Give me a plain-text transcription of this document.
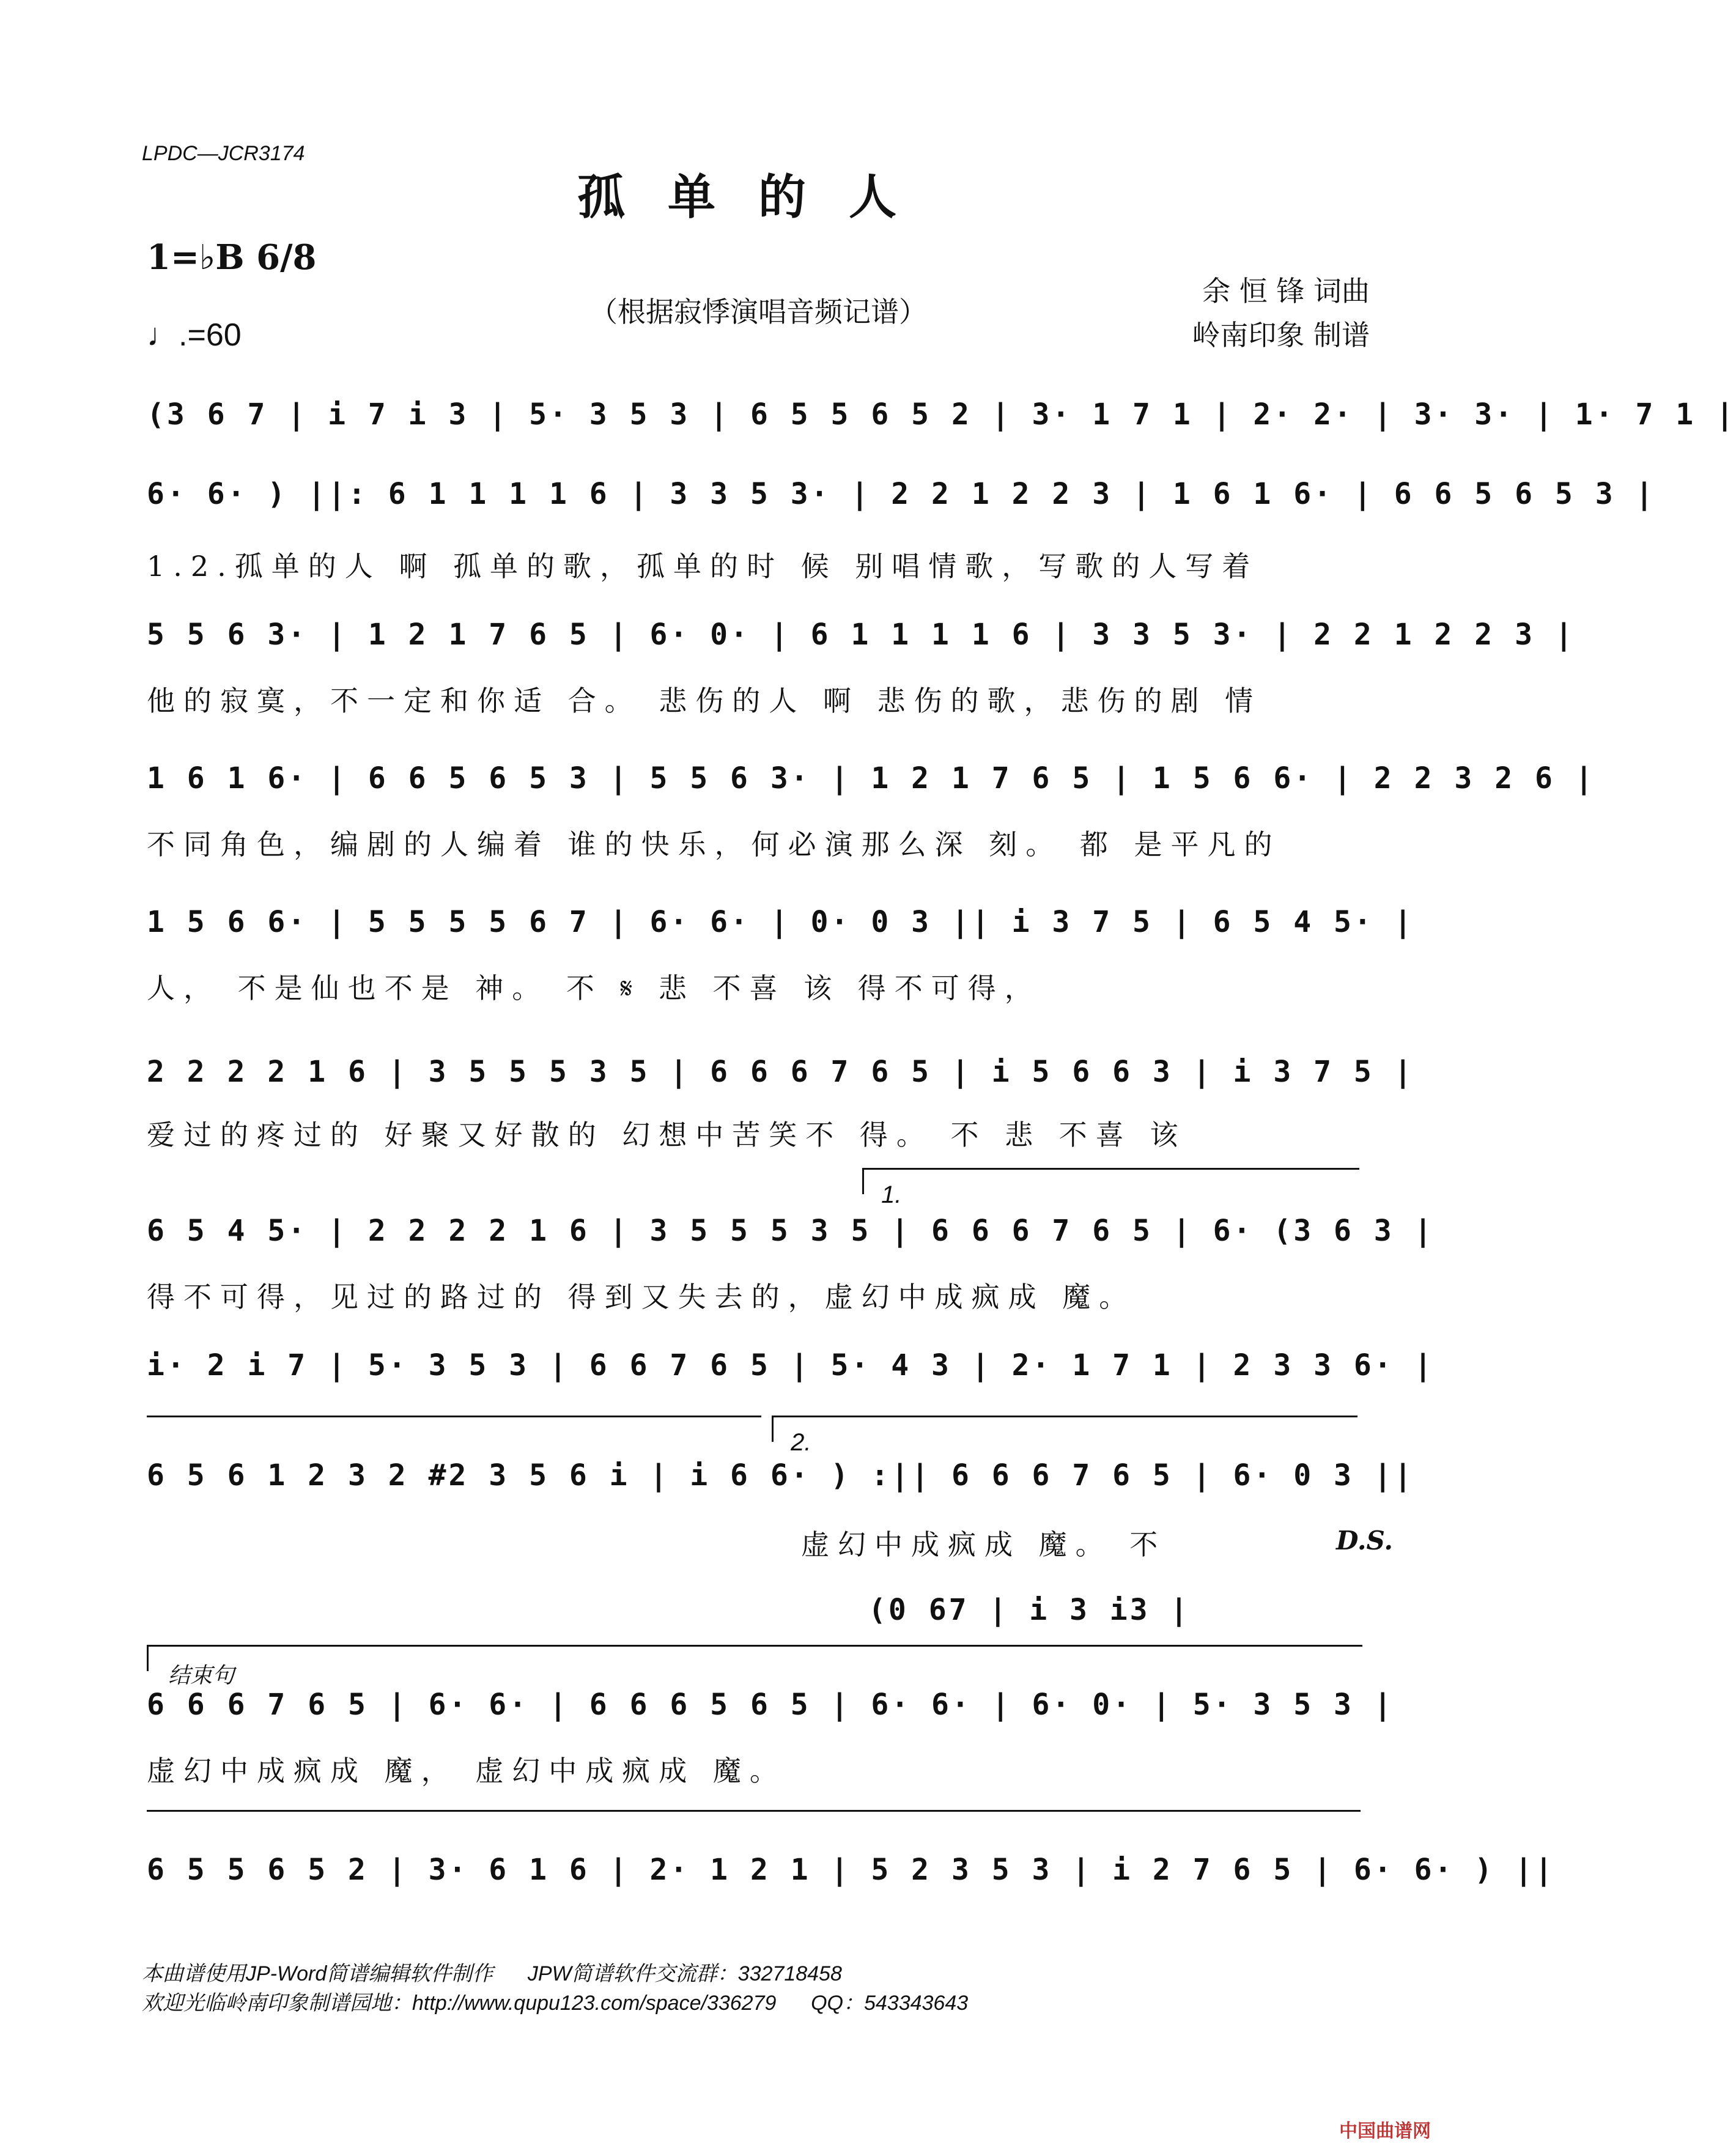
LPDC—JCR3174
孤单的人
1=♭B 6/8
♩.=60
（根据寂悸演唱音频记谱）
余 恒 锋 词曲
岭南印象 制谱
(3 6 7 | i 7 i 3 | 5· 3 5 3 | 6 5 5 6 5 2 | 3· 1 7 1 | 2· 2· | 3· 3· | 1· 7 1 |
6· 6· ) ||: 6 1 1 1 1 6 | 3 3 5 3· | 2 2 1 2 2 3 | 1 6 1 6· | 6 6 5 6 5 3 |
1.2.孤单的人 啊 孤单的歌，孤单的时 候 别唱情歌，写歌的人写着
5 5 6 3· | 1 2 1 7 6 5 | 6· 0· | 6 1 1 1 1 6 | 3 3 5 3· | 2 2 1 2 2 3 |
他的寂寞，不一定和你适 合。 悲伤的人 啊 悲伤的歌，悲伤的剧 情
1 6 1 6· | 6 6 5 6 5 3 | 5 5 6 3· | 1 2 1 7 6 5 | 1 5 6 6· | 2 2 3 2 6 |
不同角色，编剧的人编着 谁的快乐，何必演那么深 刻。 都 是平凡的
1 5 6 6· | 5 5 5 5 6 7 | 6· 6· | 0· 0 3 || i 3 7 5 | 6 5 4 5· |
人， 不是仙也不是 神。 不 𝄋 悲 不喜 该 得不可得，
2 2 2 2 1 6 | 3 5 5 5 3 5 | 6 6 6 7 6 5 | i 5 6 6 3 | i 3 7 5 |
爱过的疼过的 好聚又好散的 幻想中苦笑不 得。 不 悲 不喜 该

1.

6 5 4 5· | 2 2 2 2 1 6 | 3 5 5 5 3 5 | 6 6 6 7 6 5 | 6· (3 6 3 |
得不可得，见过的路过的 得到又失去的，虚幻中成疯成 魔。
i· 2 i 7 | 5· 3 5 3 | 6 6 7 6 5 | 5· 4 3 | 2· 1 7 1 | 2 3 3 6· |

2.

6 5 6 1 2 3 2 #2 3 5 6 i | i 6 6· ) :|| 6 6 6 7 6 5 | 6· 0 3 ||
虚幻中成疯成 魔。 不	D.S.
(0 67 | i 3 i3 |

结束句

6 6 6 7 6 5 | 6· 6· | 6 6 6 5 6 5 | 6· 6· | 6· 0· | 5· 3 5 3 |
虚幻中成疯成 魔， 虚幻中成疯成 魔。
6 5 5 6 5 2 | 3· 6 1 6 | 2· 1 2 1 | 5 2 3 5 3 | i 2 7 6 5 | 6· 6· ) ||
本曲谱使用JP-Word简谱编辑软件制作      JPW简谱软件交流群：332718458
欢迎光临岭南印象制谱园地：http://www.qupu123.com/space/336279      QQ：543343643
中国曲谱网
